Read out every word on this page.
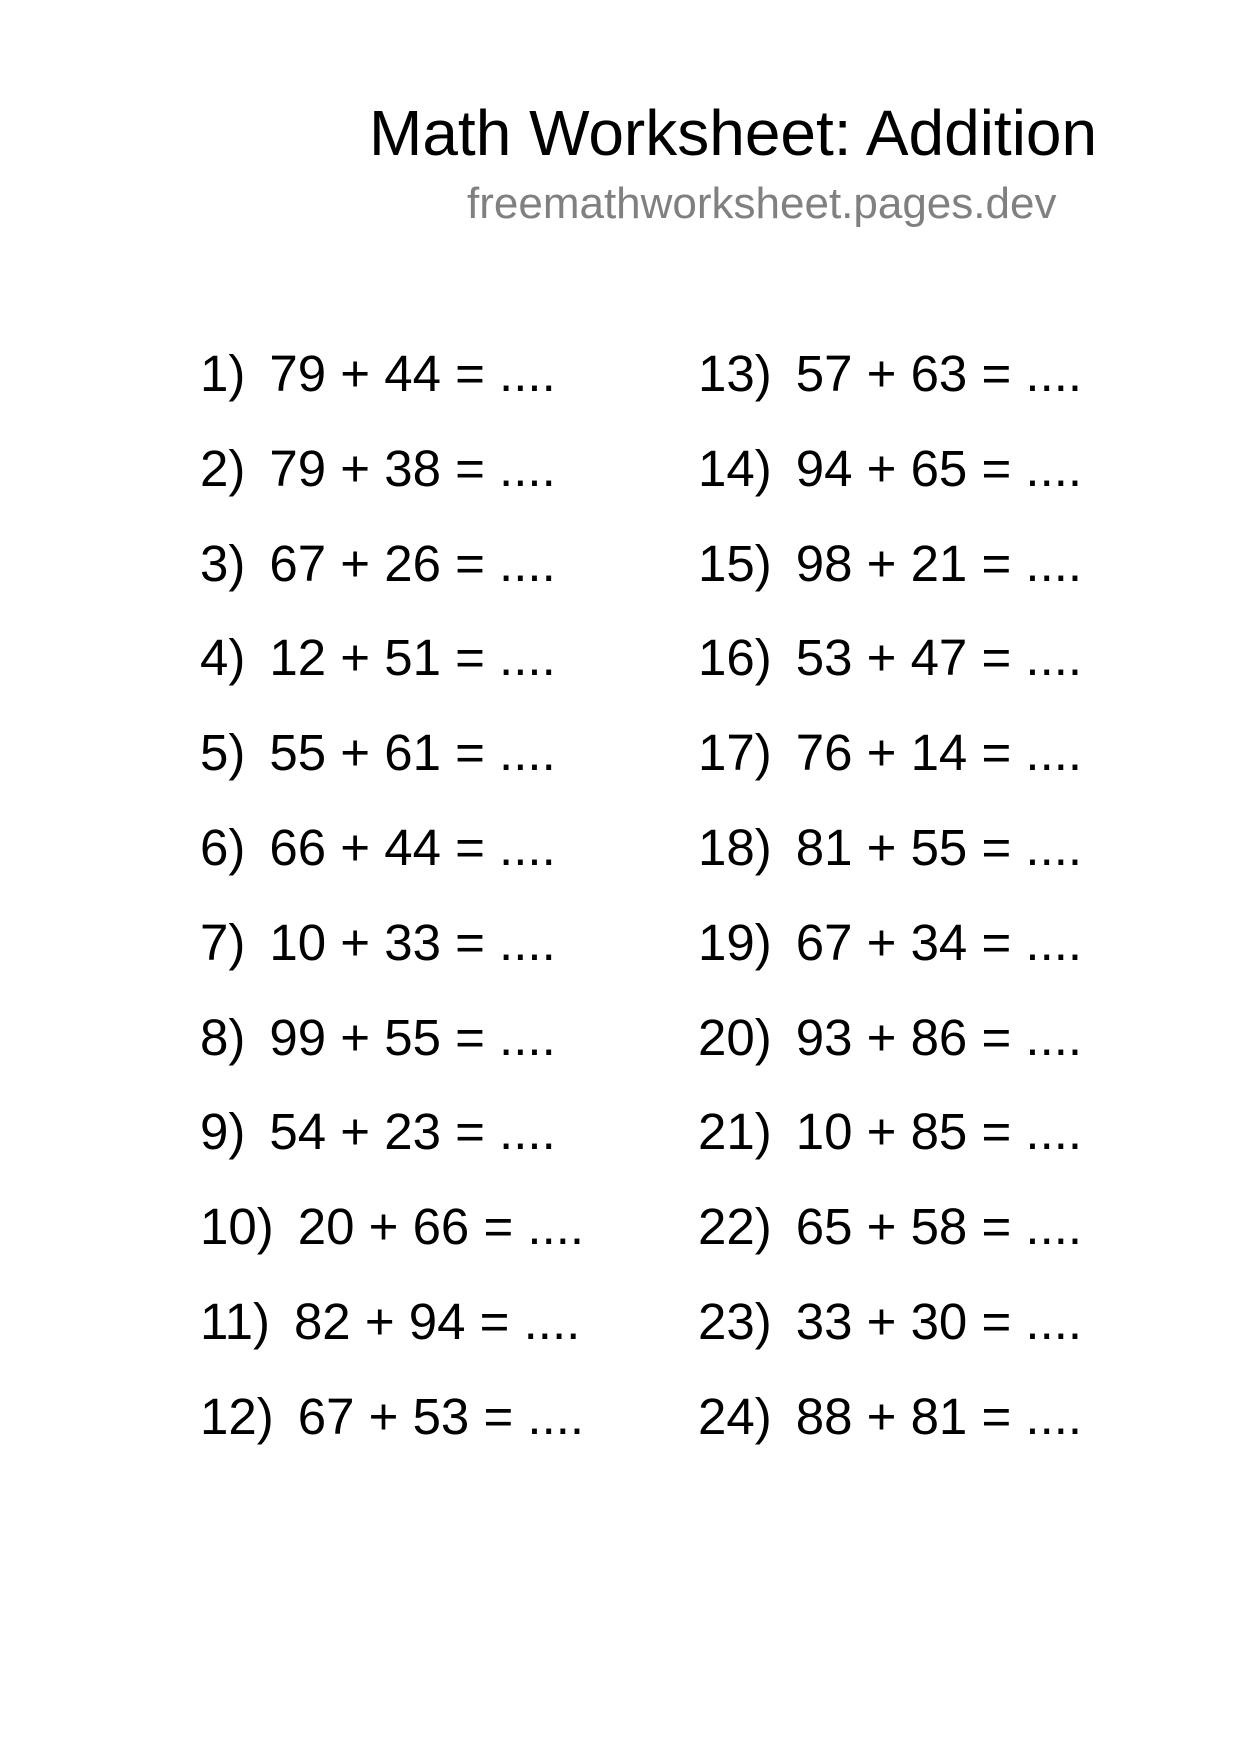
Math Worksheet: Addition
freemathworksheet.pages.dev
1) 79 + 44 = ....
2) 79 + 38 = ....
3) 67 + 26 = ....
4) 12 + 51 = ....
5) 55 + 61 = ....
6) 66 + 44 = ....
7) 10 + 33 = ....
8) 99 + 55 = ....
9) 54 + 23 = ....
10) 20 + 66 = ....
11) 82 + 94 = ....
12) 67 + 53 = ....
13) 57 + 63 = ....
14) 94 + 65 = ....
15) 98 + 21 = ....
16) 53 + 47 = ....
17) 76 + 14 = ....
18) 81 + 55 = ....
19) 67 + 34 = ....
20) 93 + 86 = ....
21) 10 + 85 = ....
22) 65 + 58 = ....
23) 33 + 30 = ....
24) 88 + 81 = ....
